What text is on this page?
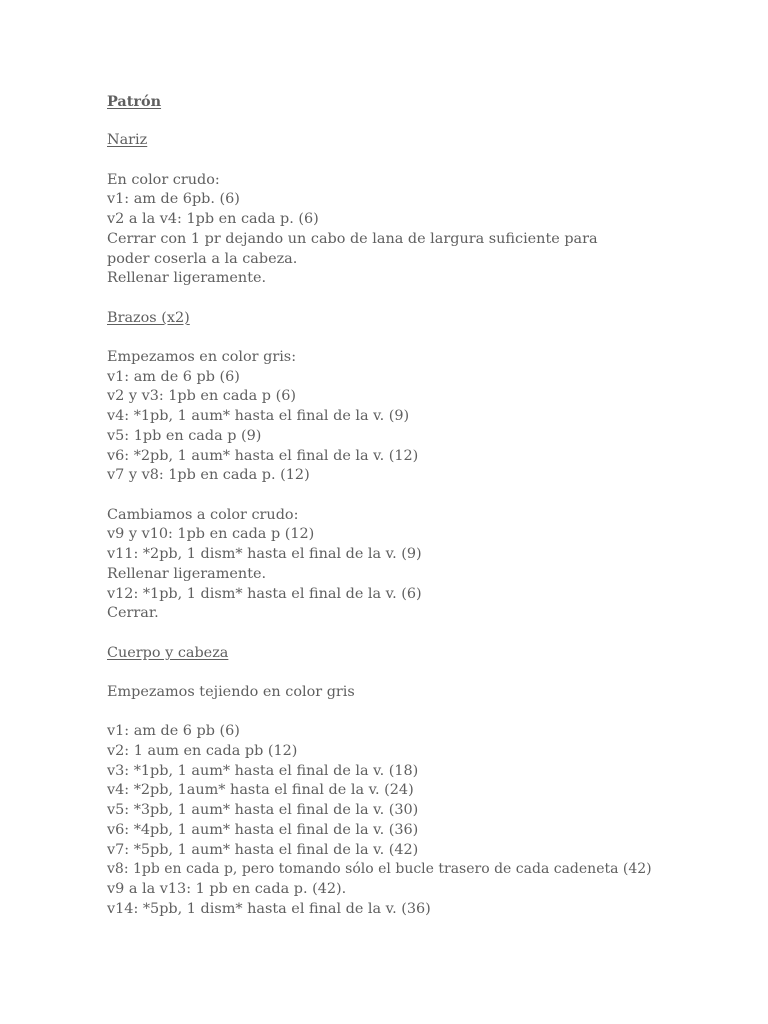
Patrón
Nariz
En color crudo:
v1: am de 6pb. (6)
v2 a la v4: 1pb en cada p. (6)
Cerrar con 1 pr dejando un cabo de lana de largura suficiente para poder coserla a la cabeza.
Rellenar ligeramente.
Brazos (x2)
Empezamos en color gris:
v1: am de 6 pb (6)
v2 y v3: 1pb en cada p (6)
v4: *1pb, 1 aum* hasta el final de la v. (9)
v5: 1pb en cada p (9)
v6: *2pb, 1 aum* hasta el final de la v. (12)
v7 y v8: 1pb en cada p. (12)
Cambiamos a color crudo:
v9 y v10: 1pb en cada p (12)
v11: *2pb, 1 dism* hasta el final de la v. (9)
Rellenar ligeramente.
v12: *1pb, 1 dism* hasta el final de la v. (6)
Cerrar.
Cuerpo y cabeza
Empezamos tejiendo en color gris
v1: am de 6 pb (6)
v2: 1 aum en cada pb (12)
v3: *1pb, 1 aum* hasta el final de la v. (18)
v4: *2pb, 1aum* hasta el final de la v. (24)
v5: *3pb, 1 aum* hasta el final de la v. (30)
v6: *4pb, 1 aum* hasta el final de la v. (36)
v7: *5pb, 1 aum* hasta el final de la v. (42)
v8: 1pb en cada p, pero tomando sólo el bucle trasero de cada cadeneta (42)
v9 a la v13: 1 pb en cada p. (42).
v14: *5pb, 1 dism* hasta el final de la v. (36)
